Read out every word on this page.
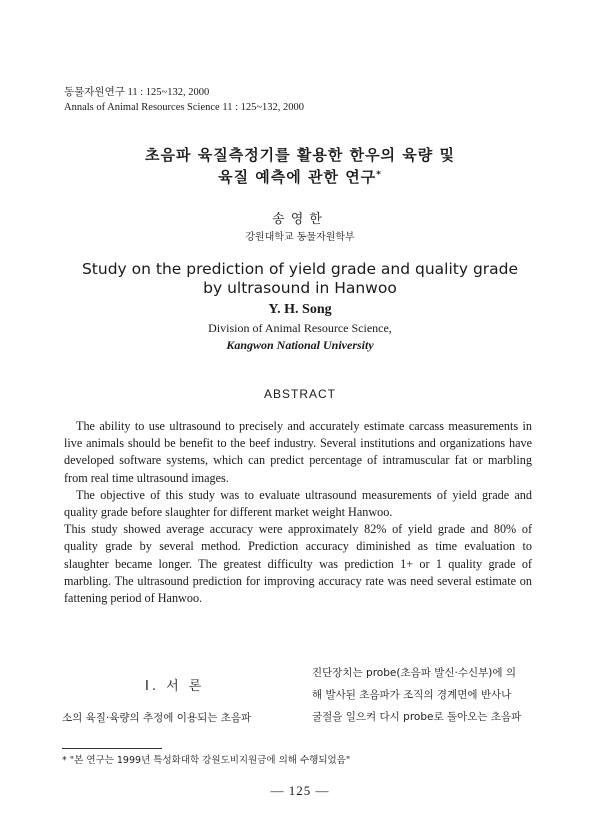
동물자원연구 11 : 125~132, 2000
Annals of Animal Resources Science 11 : 125~132, 2000
초음파 육질측정기를 활용한 한우의 육량 및
육질 예측에 관한 연구*
송영한
강원대학교 동물자원학부
Study on the prediction of yield grade and quality grade
by ultrasound in Hanwoo
Y. H. Song
Division of Animal Resource Science,
Kangwon National University
ABSTRACT

The ability to use ultrasound to precisely and accurately estimate carcass measurements in live animals should be benefit to the beef industry. Several institutions and organizations have developed software systems, which can predict percentage of intramuscular fat or marbling from real time ultrasound images.

The objective of this study was to evaluate ultrasound measurements of yield grade and quality grade before slaughter for different market weight Hanwoo.

This study showed average accuracy were approximately 82% of yield grade and 80% of quality grade by several method. Prediction accuracy diminished as time evaluation to slaughter became longer. The greatest difficulty was prediction 1+ or 1 quality grade of marbling. The ultrasound prediction for improving accuracy rate was need several estimate on fattening period of Hanwoo.

I. 서 론
소의 육질·육량의 추정에 이용되는 초음파
진단장치는 probe(초음파 발신·수신부)에 의
해 발사된 초음파가 조직의 경계면에 반사나
굴절을 일으켜 다시 probe로 돌아오는 초음파
* "본 연구는 1999년 특성화대학 강원도비지원금에 의해 수행되었음"
— 125 —
